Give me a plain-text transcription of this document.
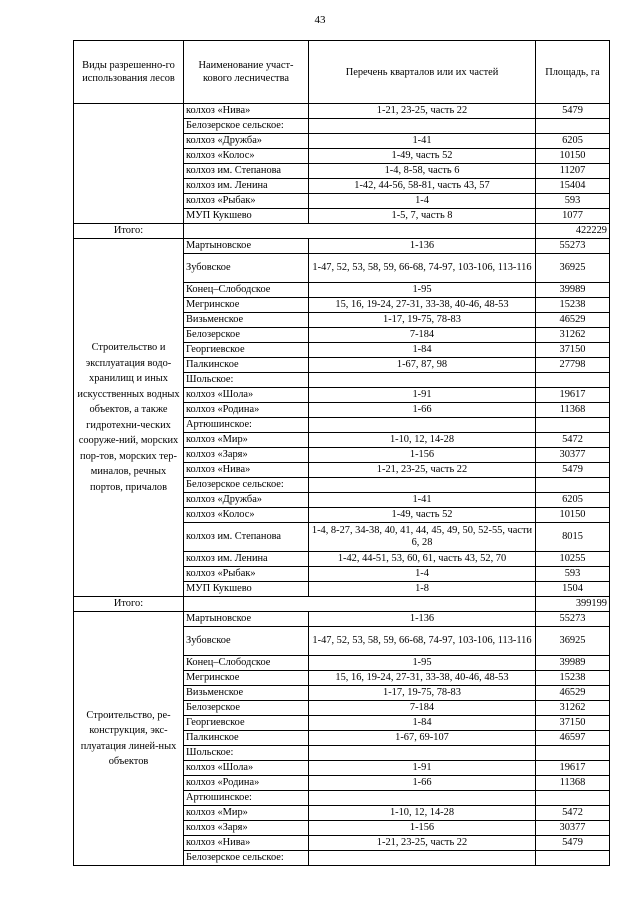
43
Виды разрешенно-го использования лесов	Наименование участ-кового лесничества	Перечень кварталов или их частей	Площадь, га
	колхоз «Нива»	1-21, 23-25, часть 22	5479
	Белозерское сельское:		
	колхоз «Дружба»	1-41	6205
	колхоз «Колос»	1-49, часть 52	10150
	колхоз им. Степанова	1-4, 8-58, часть 6	11207
	колхоз им. Ленина	1-42, 44-56, 58-81, часть 43, 57	15404
	колхоз «Рыбак»	1-4	593
	МУП Кукшево	1-5, 7, часть 8	1077
Итого:			422229
Строительство и эксплуатация водо-хранилищ и иных искусственных водных объектов, а также гидротехни-ческих сооруже-ний, морских пор-тов, морских тер-миналов, речных портов, причалов	Мартыновское	1-136	55273
	Зубовское	1-47, 52, 53, 58, 59, 66-68, 74-97, 103-106, 113-116	36925
	Конец–Слободское	1-95	39989
	Мегринское	15, 16, 19-24, 27-31, 33-38, 40-46, 48-53	15238
	Визьменское	1-17, 19-75, 78-83	46529
	Белозерское	7-184	31262
	Георгиевское	1-84	37150
	Палкинское	1-67, 87, 98	27798
	Шольское:		
	колхоз «Шола»	1-91	19617
	колхоз «Родина»	1-66	11368
	Артюшинское:		
	колхоз «Мир»	1-10, 12, 14-28	5472
	колхоз «Заря»	1-156	30377
	колхоз «Нива»	1-21, 23-25, часть 22	5479
	Белозерское сельское:		
	колхоз «Дружба»	1-41	6205
	колхоз «Колос»	1-49, часть 52	10150
	колхоз им. Степанова	1-4, 8-27, 34-38, 40, 41, 44, 45, 49, 50, 52-55, части 6, 28	8015
	колхоз им. Ленина	1-42, 44-51, 53, 60, 61, часть 43, 52, 70	10255
	колхоз «Рыбак»	1-4	593
	МУП Кукшево	1-8	1504
Итого:			399199
Строительство, ре-конструкция, экс-плуатация линей-ных объектов	Мартыновское	1-136	55273
	Зубовское	1-47, 52, 53, 58, 59, 66-68, 74-97, 103-106, 113-116	36925
	Конец–Слободское	1-95	39989
	Мегринское	15, 16, 19-24, 27-31, 33-38, 40-46, 48-53	15238
	Визьменское	1-17, 19-75, 78-83	46529
	Белозерское	7-184	31262
	Георгиевское	1-84	37150
	Палкинское	1-67, 69-107	46597
	Шольское:		
	колхоз «Шола»	1-91	19617
	колхоз «Родина»	1-66	11368
	Артюшинское:		
	колхоз «Мир»	1-10, 12, 14-28	5472
	колхоз «Заря»	1-156	30377
	колхоз «Нива»	1-21, 23-25, часть 22	5479
	Белозерское сельское:		
